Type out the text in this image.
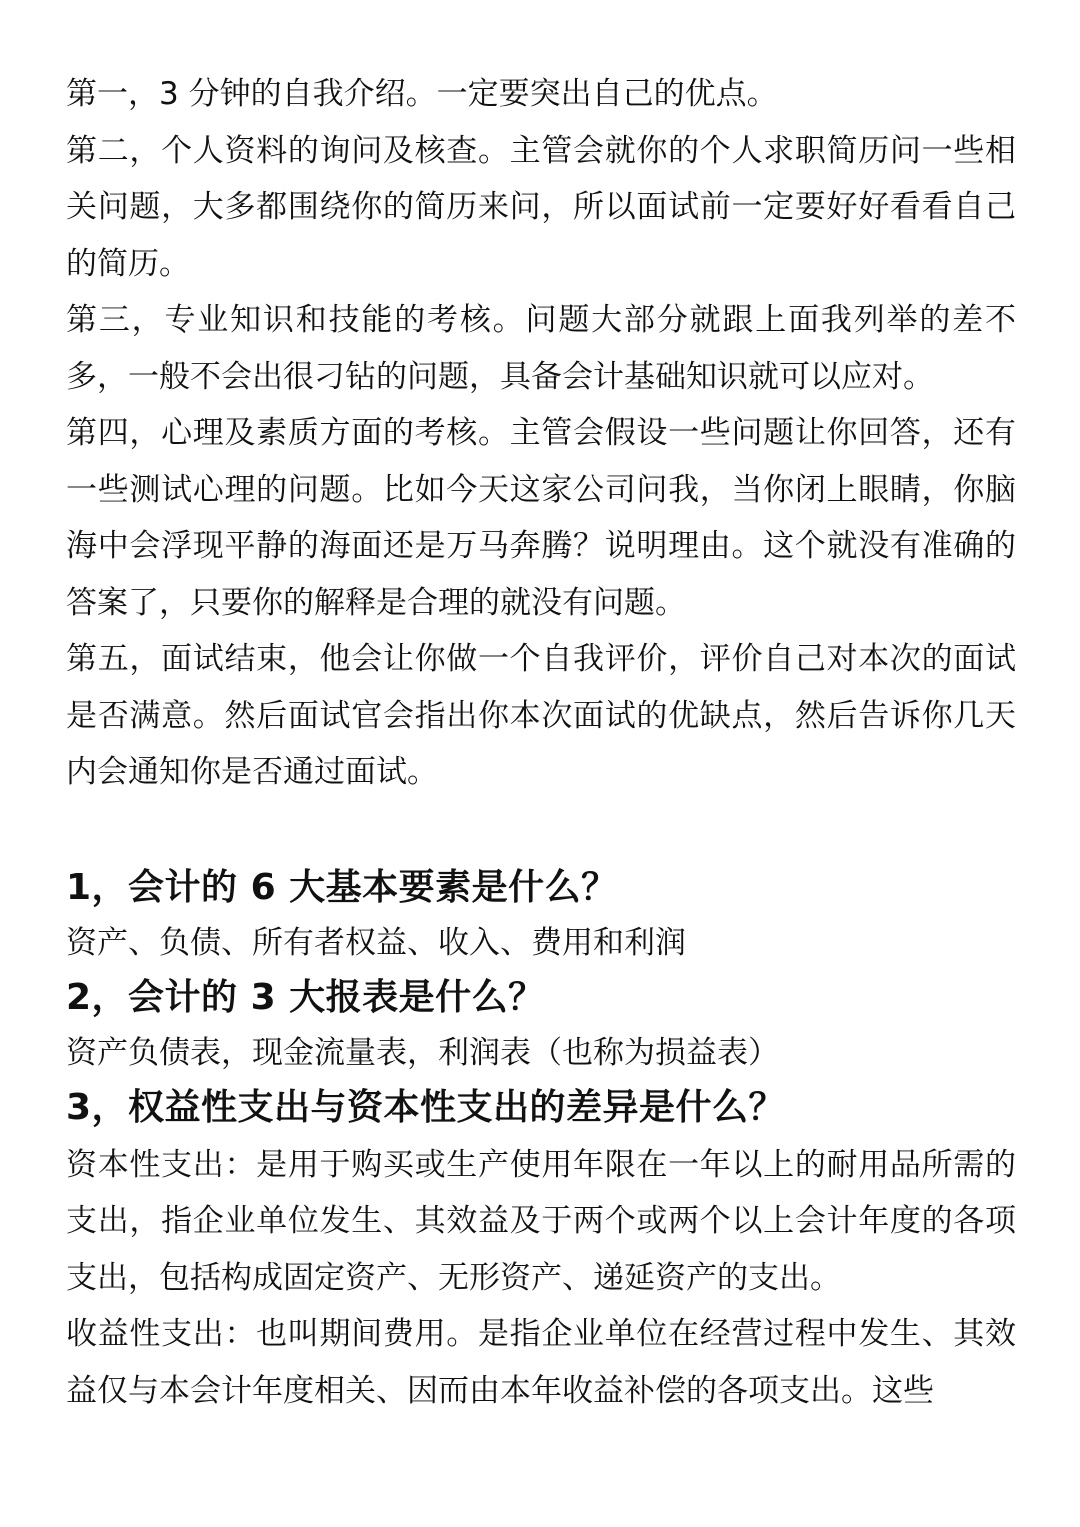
第一，3 分钟的自我介绍。一定要突出自己的优点。

第二，个人资料的询问及核查。主管会就你的个人求职简历问一些相关问题，大多都围绕你的简历来问，所以面试前一定要好好看看自己的简历。

第三，专业知识和技能的考核。问题大部分就跟上面我列举的差不多，一般不会出很刁钻的问题，具备会计基础知识就可以应对。

第四，心理及素质方面的考核。主管会假设一些问题让你回答，还有一些测试心理的问题。比如今天这家公司问我，当你闭上眼睛，你脑海中会浮现平静的海面还是万马奔腾？说明理由。这个就没有准确的答案了，只要你的解释是合理的就没有问题。

第五，面试结束，他会让你做一个自我评价，评价自己对本次的面试是否满意。然后面试官会指出你本次面试的优缺点，然后告诉你几天内会通知你是否通过面试。

1，会计的 6 大基本要素是什么？

资产、负债、所有者权益、收入、费用和利润

2，会计的 3 大报表是什么？

资产负债表，现金流量表，利润表（也称为损益表）

3，权益性支出与资本性支出的差异是什么？

资本性支出：是用于购买或生产使用年限在一年以上的耐用品所需的支出，指企业单位发生、其效益及于两个或两个以上会计年度的各项支出，包括构成固定资产、无形资产、递延资产的支出。

收益性支出：也叫期间费用。是指企业单位在经营过程中发生、其效益仅与本会计年度相关、因而由本年收益补偿的各项支出。这些
